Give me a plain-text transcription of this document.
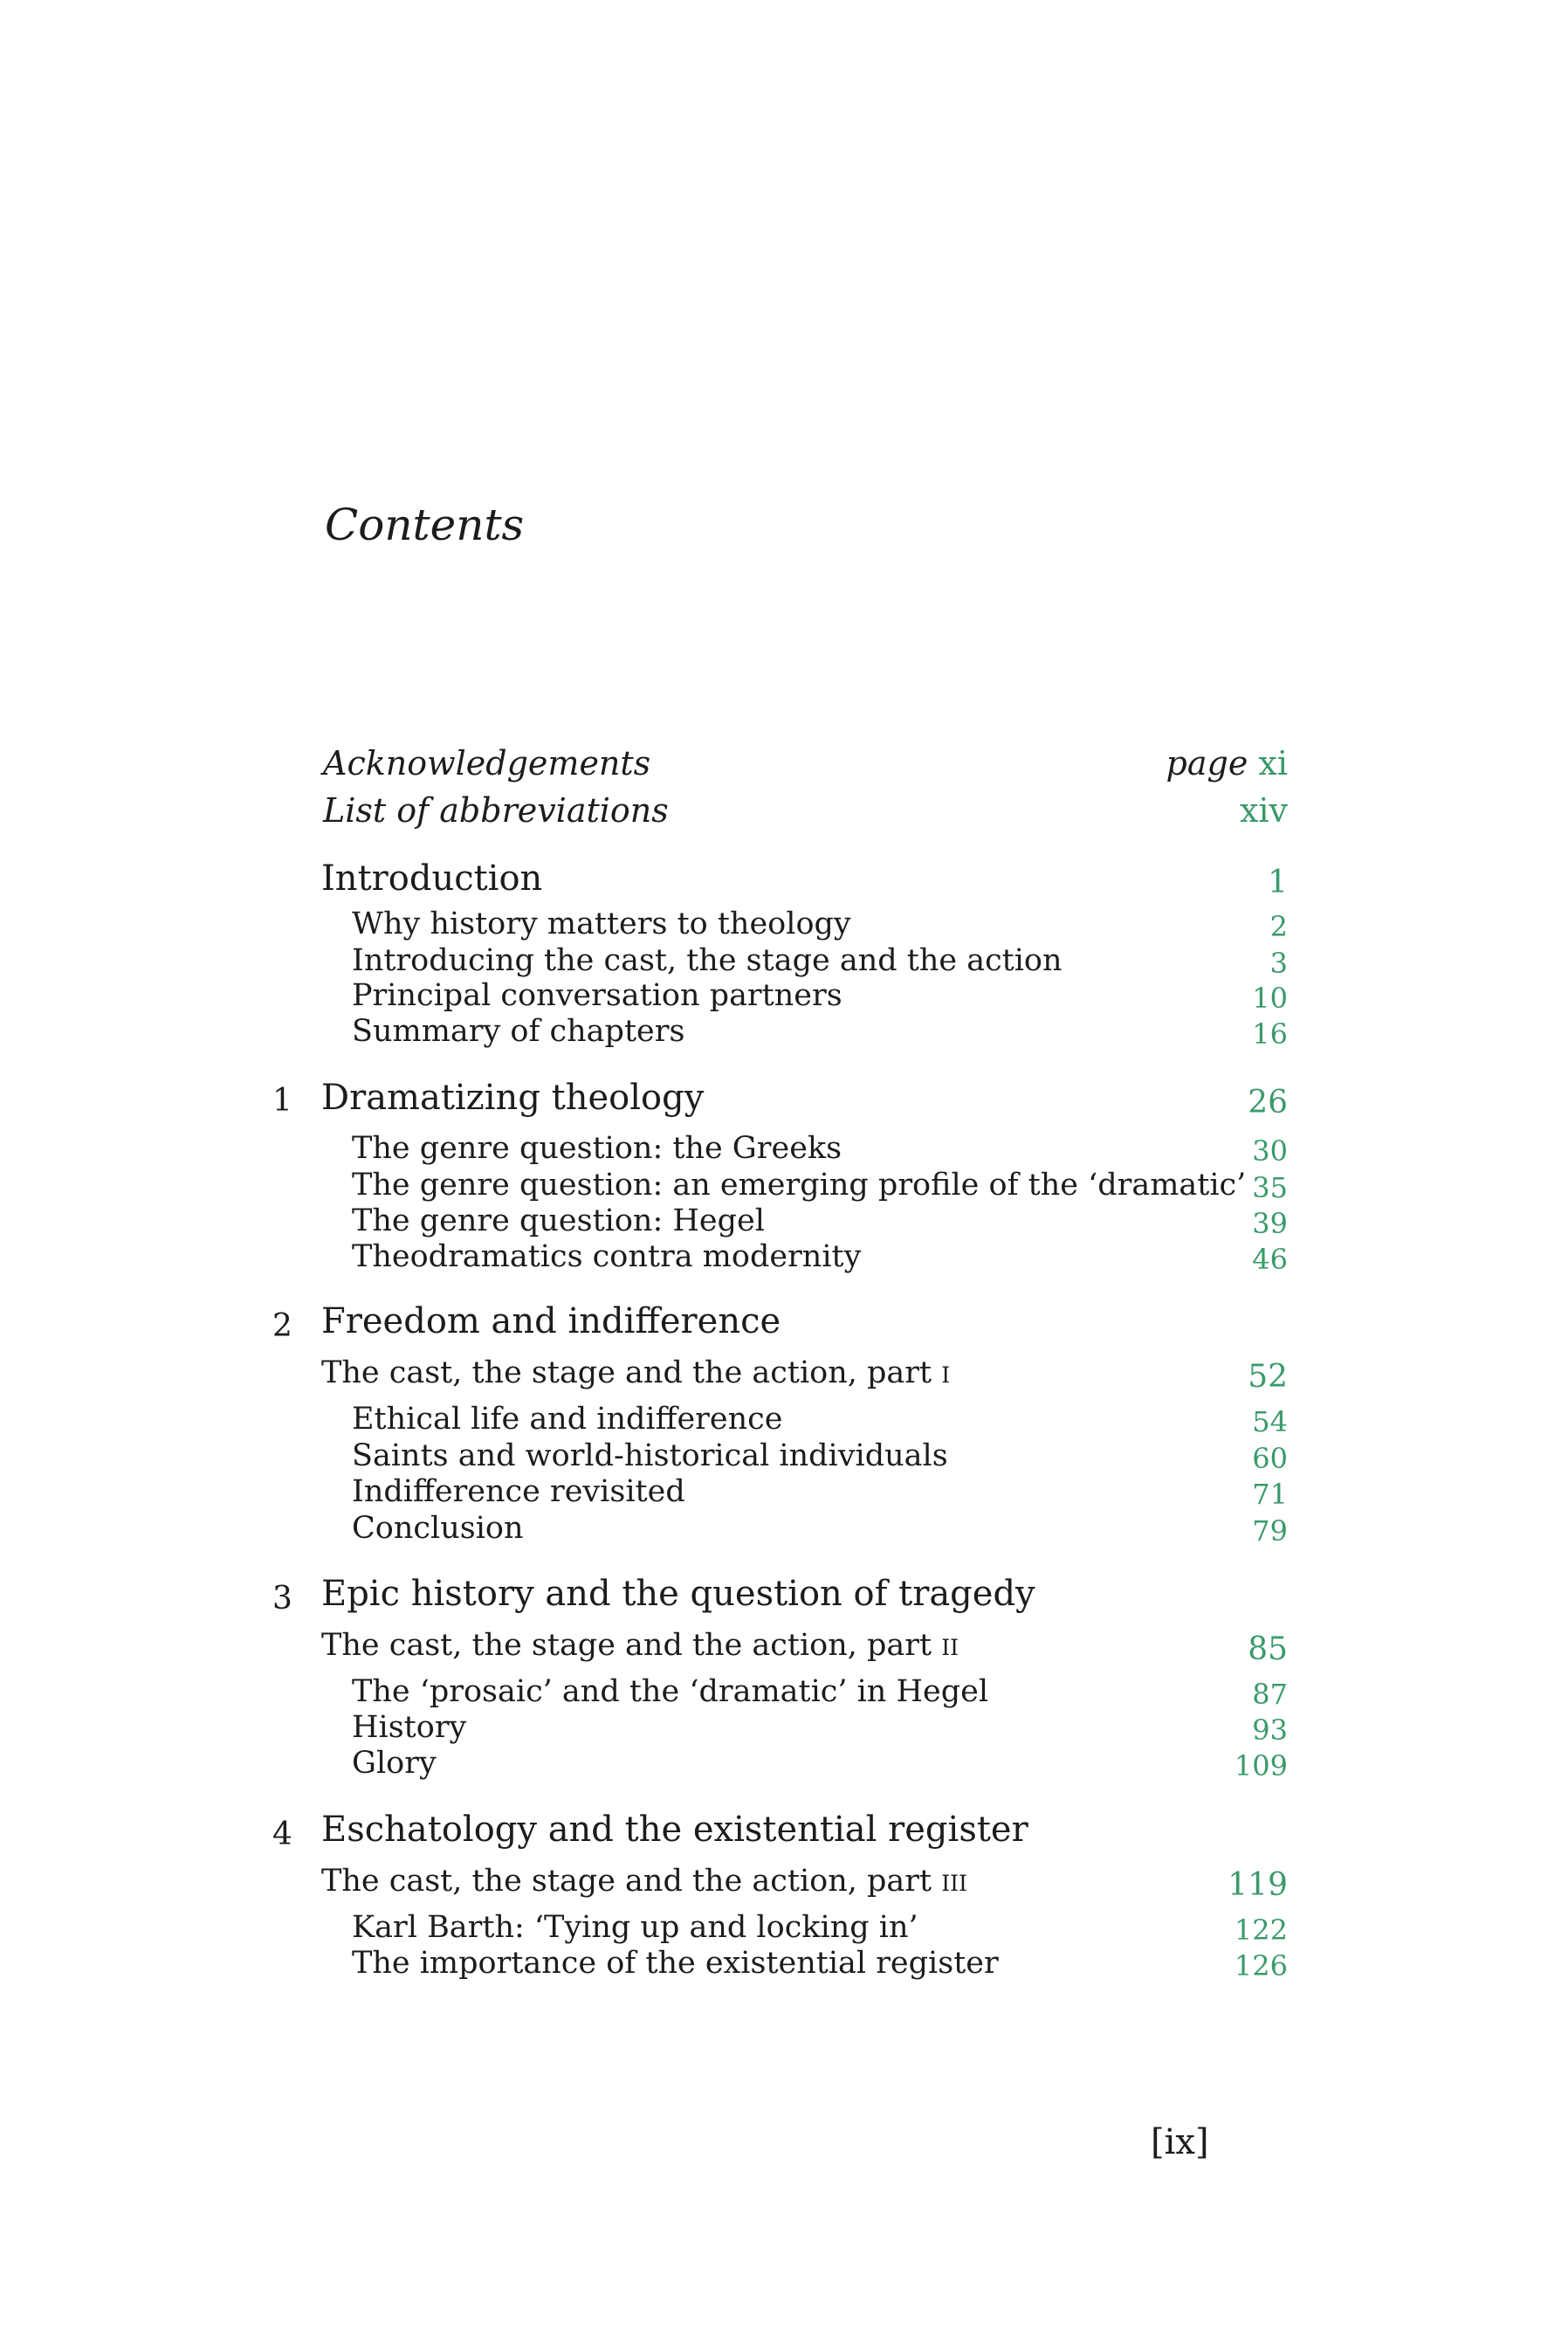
Contents
Acknowledgements	page xi
List of abbreviations	xiv
Introduction	1
Why history matters to theology	2
Introducing the cast, the stage and the action	3
Principal conversation partners	10
Summary of chapters	16
1 Dramatizing theology	26
The genre question: the Greeks	30
The genre question: an emerging profile of the ‘dramatic’ 35
The genre question: Hegel	39
Theodramatics contra modernity	46
2 Freedom and indifference
The cast, the stage and the action, part i	52
Ethical life and indifference	54
Saints and world-historical individuals	60
Indifference revisited	71
Conclusion	79
3 Epic history and the question of tragedy
The cast, the stage and the action, part ii	85
The ‘prosaic’ and the ‘dramatic’ in Hegel	87
History	93
Glory	109
4 Eschatology and the existential register
The cast, the stage and the action, part iii	119
Karl Barth: ‘Tying up and locking in’	122
The importance of the existential register	126
[ix]
